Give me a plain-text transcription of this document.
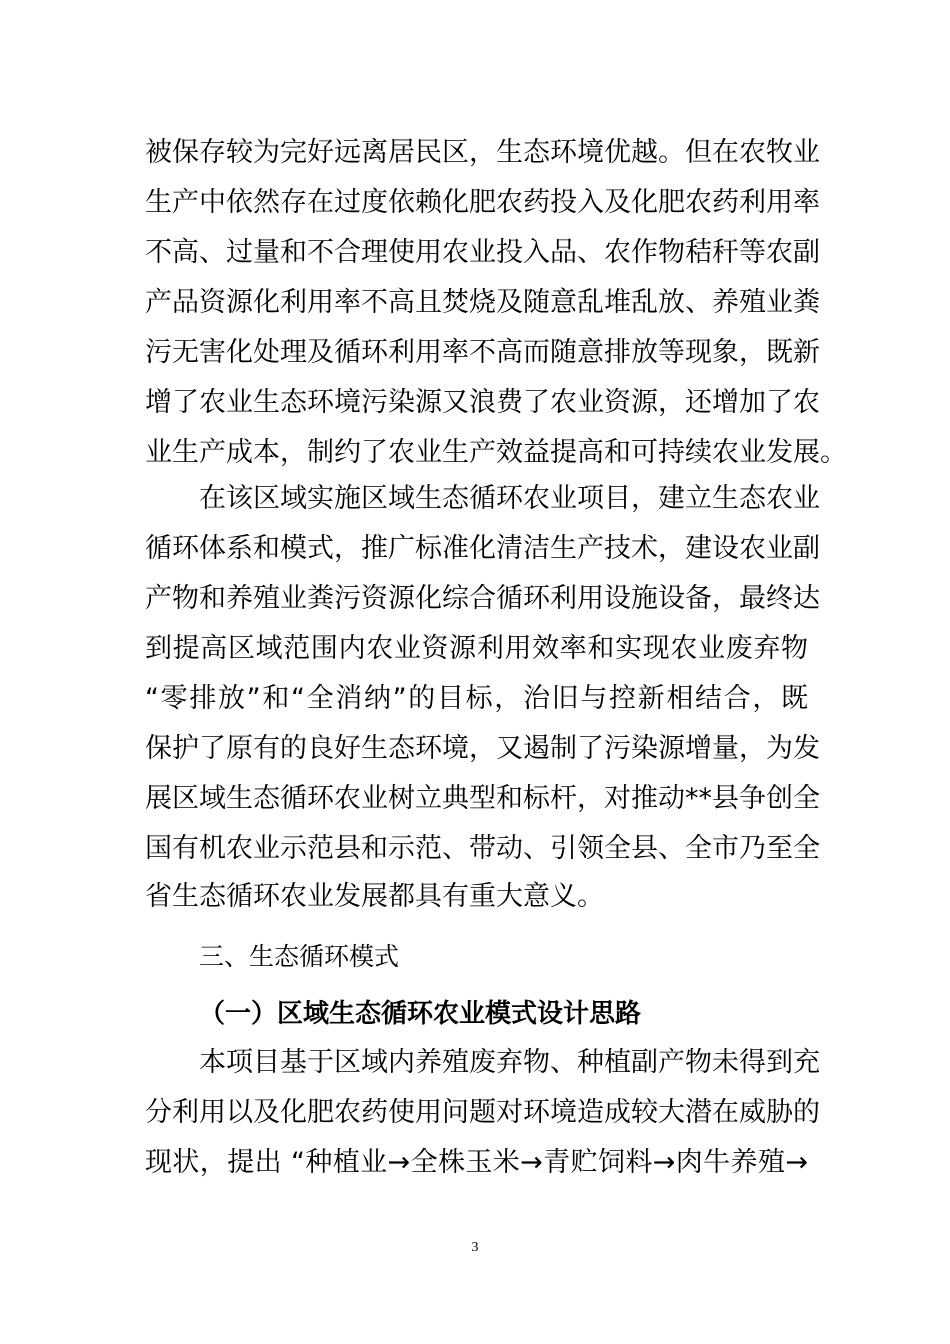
被保存较为完好远离居民区，生态环境优越。但在农牧业
生产中依然存在过度依赖化肥农药投入及化肥农药利用率
不高、过量和不合理使用农业投入品、农作物秸秆等农副
产品资源化利用率不高且焚烧及随意乱堆乱放、养殖业粪
污无害化处理及循环利用率不高而随意排放等现象，既新
增了农业生态环境污染源又浪费了农业资源，还增加了农
业生产成本，制约了农业生产效益提高和可持续农业发展。
在该区域实施区域生态循环农业项目，建立生态农业
循环体系和模式，推广标准化清洁生产技术，建设农业副
产物和养殖业粪污资源化综合循环利用设施设备，最终达
到提高区域范围内农业资源利用效率和实现农业废弃物
“零排放”和“全消纳”的目标，治旧与控新相结合，既
保护了原有的良好生态环境，又遏制了污染源增量，为发
展区域生态循环农业树立典型和标杆，对推动**县争创全
国有机农业示范县和示范、带动、引领全县、全市乃至全
省生态循环农业发展都具有重大意义。
三、生态循环模式
（一）区域生态循环农业模式设计思路
本项目基于区域内养殖废弃物、种植副产物未得到充
分利用以及化肥农药使用问题对环境造成较大潜在威胁的
现状，提出 “种植业→全株玉米→青贮饲料→肉牛养殖→
3
